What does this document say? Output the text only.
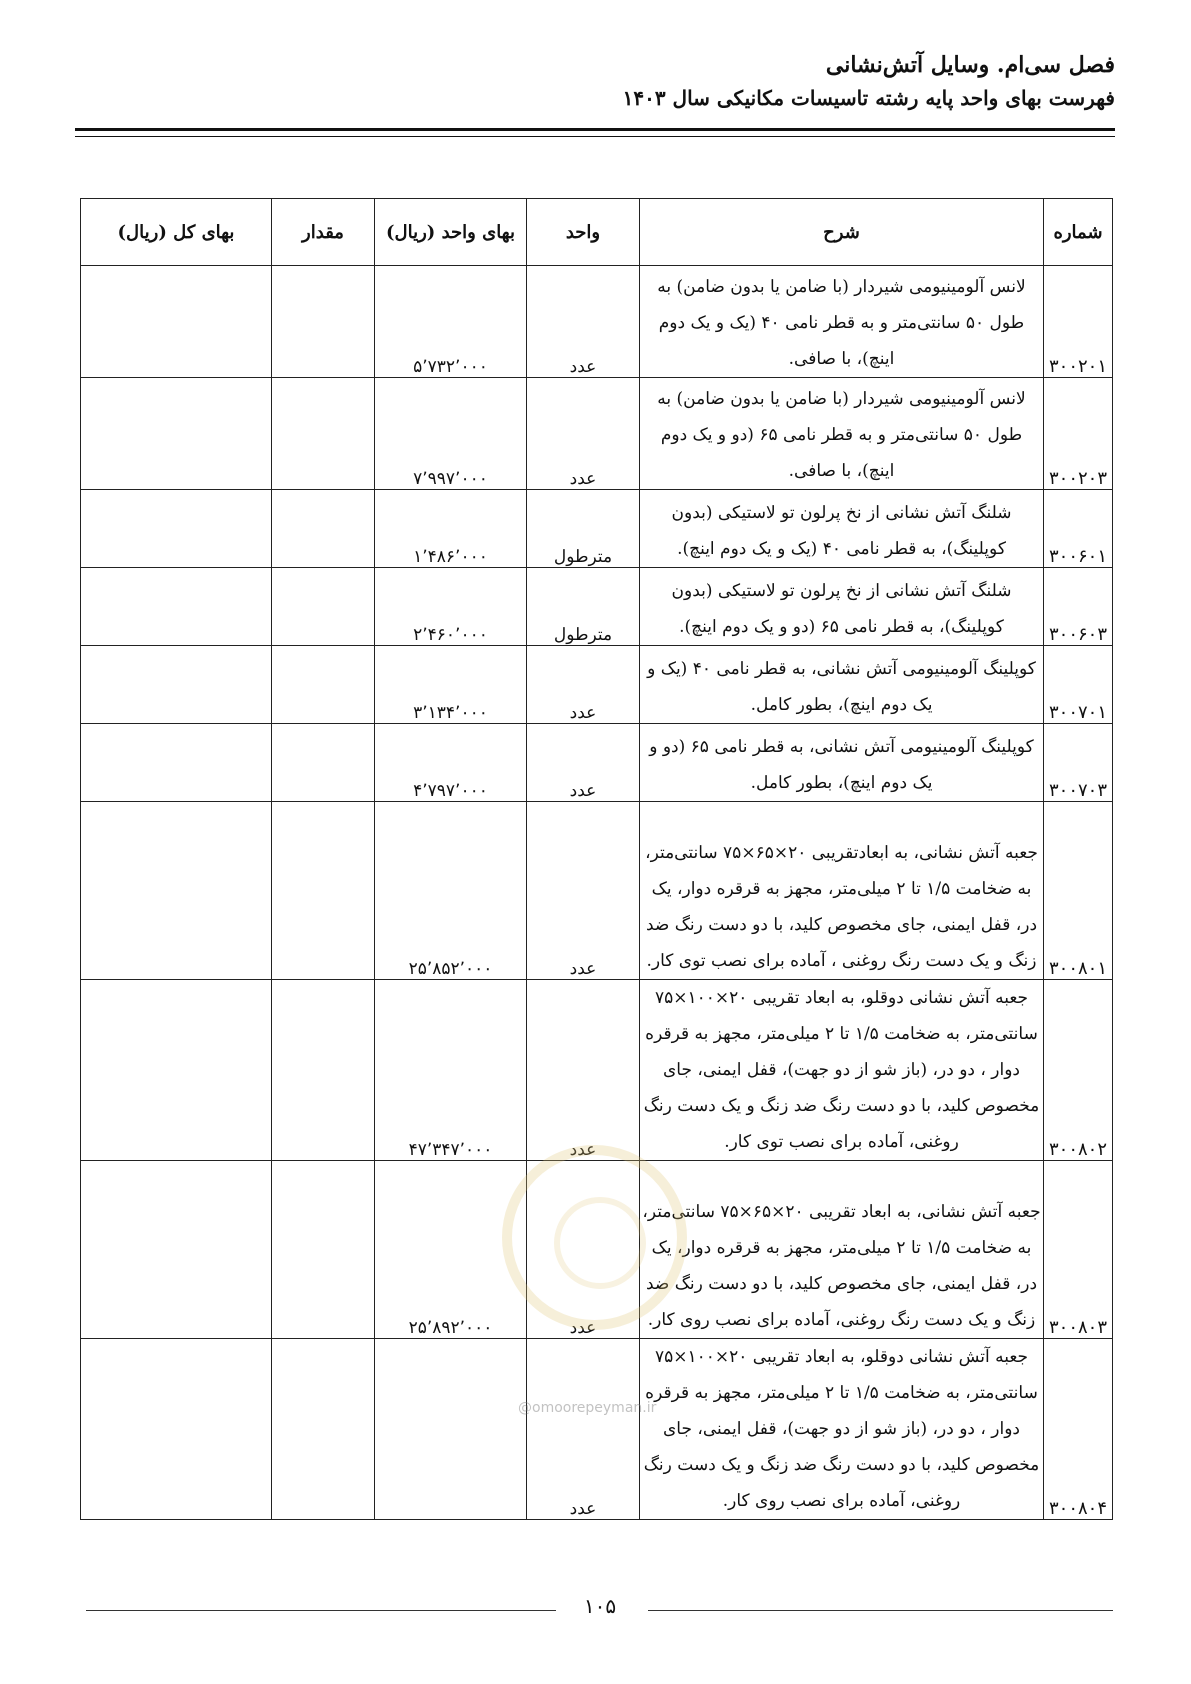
فصل سی‌ام. وسایل آتش‌نشانی
فهرست بهای واحد پایه رشته تاسیسات مکانیکی سال ۱۴۰۳
شماره	شرح	واحد	بهای واحد (ریال)	مقدار	بهای کل (ریال)
۳۰۰۲۰۱	لانس آلومینیومی شیردار (با ضامن یا بدون ضامن) به طول ۵۰ سانتی‌متر و به قطر نامی ۴۰ (یک و یک دوم اینچ)، با صافی.	عدد	۵٬۷۳۲٬۰۰۰		
۳۰۰۲۰۳	لانس آلومینیومی شیردار (با ضامن یا بدون ضامن) به طول ۵۰ سانتی‌متر و به قطر نامی ۶۵ (دو و یک دوم اینچ)، با صافی.	عدد	۷٬۹۹۷٬۰۰۰		
۳۰۰۶۰۱	شلنگ آتش نشانی از نخ پرلون تو لاستیکی (بدون کوپلینگ)، به قطر نامی ۴۰ (یک و یک دوم اینچ).	مترطول	۱٬۴۸۶٬۰۰۰		
۳۰۰۶۰۳	شلنگ آتش نشانی از نخ پرلون تو لاستیکی (بدون کوپلینگ)، به قطر نامی ۶۵ (دو و یک دوم اینچ).	مترطول	۲٬۴۶۰٬۰۰۰		
۳۰۰۷۰۱	کوپلینگ آلومینیومی آتش نشانی، به قطر نامی ۴۰ (یک و یک دوم اینچ)، بطور کامل.	عدد	۳٬۱۳۴٬۰۰۰		
۳۰۰۷۰۳	کوپلینگ آلومینیومی آتش نشانی، به قطر نامی ۶۵ (دو و یک دوم اینچ)، بطور کامل.	عدد	۴٬۷۹۷٬۰۰۰		
۳۰۰۸۰۱	جعبه آتش نشانی، به ابعادتقریبی ۲۰×۶۵×۷۵ سانتی‌متر، به ضخامت ۱/۵ تا ۲ میلی‌متر، مجهز به قرقره دوار، یک در، قفل ایمنی، جای مخصوص کلید، با دو دست رنگ ضد زنگ و یک دست رنگ روغنی ، آماده برای نصب توی کار.	عدد	۲۵٬۸۵۲٬۰۰۰		
۳۰۰۸۰۲	جعبه آتش نشانی دوقلو، به ابعاد تقریبی ۲۰×۱۰۰×۷۵ سانتی‌متر، به ضخامت ۱/۵ تا ۲ میلی‌متر، مجهز به قرقره دوار ، دو در، (باز شو از دو جهت)، قفل ایمنی، جای مخصوص کلید، با دو دست رنگ ضد زنگ و یک دست رنگ روغنی، آماده برای نصب توی کار.	عدد	۴۷٬۳۴۷٬۰۰۰		
۳۰۰۸۰۳	جعبه آتش نشانی، به ابعاد تقریبی ۲۰×۶۵×۷۵ سانتی‌متر، به ضخامت ۱/۵ تا ۲ میلی‌متر، مجهز به قرقره دوار، یک در، قفل ایمنی، جای مخصوص کلید، با دو دست رنگ ضد زنگ و یک دست رنگ روغنی، آماده برای نصب روی کار.	عدد	۲۵٬۸۹۲٬۰۰۰		
۳۰۰۸۰۴	جعبه آتش نشانی دوقلو، به ابعاد تقریبی ۲۰×۱۰۰×۷۵ سانتی‌متر، به ضخامت ۱/۵ تا ۲ میلی‌متر، مجهز به قرقره دوار ، دو در، (باز شو از دو جهت)، قفل ایمنی، جای مخصوص کلید، با دو دست رنگ ضد زنگ و یک دست رنگ روغنی، آماده برای نصب روی کار.	عدد			
@omoorepeyman.ir
۱۰۵
